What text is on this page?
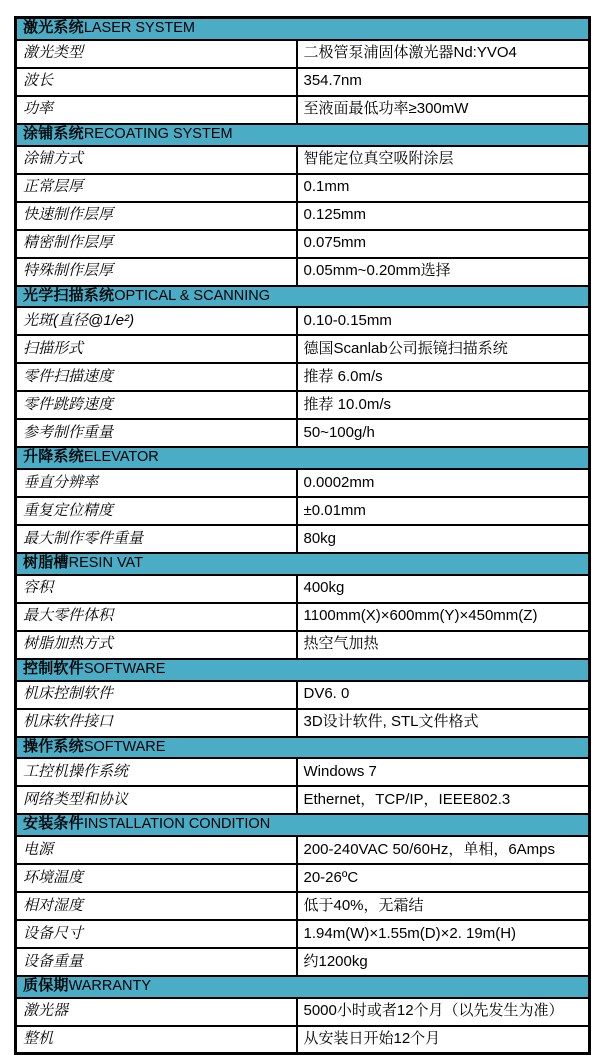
激光系统LASER SYSTEM	
激光类型	二极管泵浦固体激光器Nd:YVO4
波长	354.7nm
功率	至液面最低功率≥300mW
涂铺系统RECOATING SYSTEM	
涂铺方式	智能定位真空吸附涂层
正常层厚	0.1mm
快速制作层厚	0.125mm
精密制作层厚	0.075mm
特殊制作层厚	0.05mm~0.20mm选择
光学扫描系统OPTICAL & SCANNING	
光斑(直径@1/e²)	0.10-0.15mm
扫描形式	德国Scanlab公司振镜扫描系统
零件扫描速度	推荐 6.0m/s
零件跳跨速度	推荐 10.0m/s
参考制作重量	50~100g/h
升降系统ELEVATOR	
垂直分辨率	0.0002mm
重复定位精度	±0.01mm
最大制作零件重量	80kg
树脂槽RESIN VAT	
容积	400kg
最大零件体积	1100mm(X)×600mm(Y)×450mm(Z)
树脂加热方式	热空气加热
控制软件SOFTWARE	
机床控制软件	DV6. 0
机床软件接口	3D设计软件, STL文件格式
操作系统SOFTWARE	
工控机操作系统	Windows 7
网络类型和协议	Ethernet，TCP/IP，IEEE802.3
安装条件INSTALLATION CONDITION	
电源	200-240VAC 50/60Hz，单相，6Amps
环境温度	20-26ºC
相对湿度	低于40%，无霜结
设备尺寸	1.94m(W)×1.55m(D)×2. 19m(H)
设备重量	约1200kg
质保期WARRANTY	
激光器	5000小时或者12个月（以先发生为准）
整机	从安装日开始12个月
